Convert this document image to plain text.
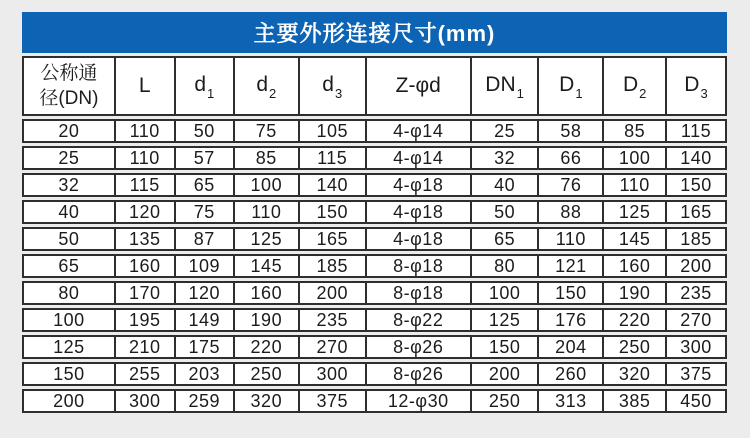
主要外形连接尺寸(mm)
公称通
径(DN)	L	$d_1$	$d_2$	$d_3$	Z-φd	$DN_1$	$D_1$	$D_2$	$D_3$
20	110	50	75	105	4-φ14	25	58	85	115
25	110	57	85	115	4-φ14	32	66	100	140
32	115	65	100	140	4-φ18	40	76	110	150
40	120	75	110	150	4-φ18	50	88	125	165
50	135	87	125	165	4-φ18	65	110	145	185
65	160	109	145	185	8-φ18	80	121	160	200
80	170	120	160	200	8-φ18	100	150	190	235
100	195	149	190	235	8-φ22	125	176	220	270
125	210	175	220	270	8-φ26	150	204	250	300
150	255	203	250	300	8-φ26	200	260	320	375
200	300	259	320	375	12-φ30	250	313	385	450
